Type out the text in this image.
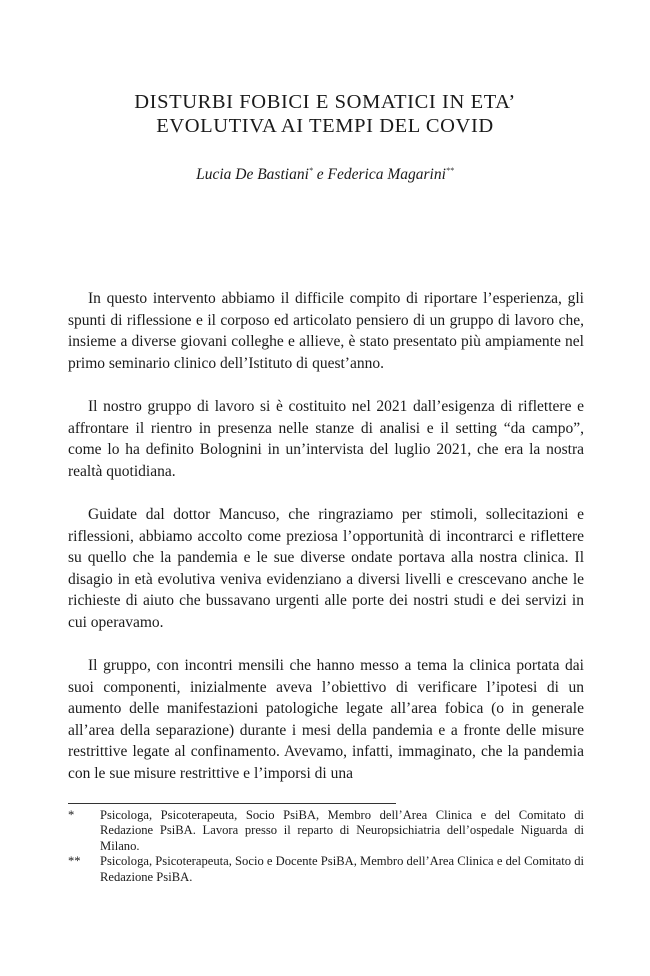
DISTURBI FOBICI E SOMATICI IN ETA’
EVOLUTIVA AI TEMPI DEL COVID

Lucia De Bastiani* e Federica Magarini**

In questo intervento abbiamo il difficile compito di riportare l’esperienza, gli spunti di riflessione e il corposo ed articolato pensiero di un gruppo di lavoro che, insieme a diverse giovani colleghe e allieve, è stato presentato più ampiamente nel primo seminario clinico dell’Istituto di quest’anno.

Il nostro gruppo di lavoro si è costituito nel 2021 dall’esigenza di riflettere e affrontare il rientro in presenza nelle stanze di analisi e il setting “da campo”, come lo ha definito Bolognini in un’intervista del luglio 2021, che era la nostra realtà quotidiana.

Guidate dal dottor Mancuso, che ringraziamo per stimoli, sollecitazioni e riflessioni, abbiamo accolto come preziosa l’opportunità di incontrarci e riflettere su quello che la pandemia e le sue diverse ondate portava alla nostra clinica. Il disagio in età evolutiva veniva evidenziano a diversi livelli e crescevano anche le richieste di aiuto che bussavano urgenti alle porte dei nostri studi e dei servizi in cui operavamo.

Il gruppo, con incontri mensili che hanno messo a tema la clinica portata dai suoi componenti, inizialmente aveva l’obiettivo di verificare l’ipotesi di un aumento delle manifestazioni patologiche legate all’area fobica (o in generale all’area della separazione) durante i mesi della pandemia e a fronte delle misure restrittive legate al confinamento. Avevamo, infatti, immaginato, che la pandemia con le sue misure restrittive e l’imporsi di una

*	Psicologa, Psicoterapeuta, Socio PsiBA, Membro dell’Area Clinica e del Comitato di Redazione PsiBA. Lavora presso il reparto di Neuropsichiatria dell’ospedale Niguarda di Milano.
**	Psicologa, Psicoterapeuta, Socio e Docente PsiBA, Membro dell’Area Clinica e del Comitato di Redazione PsiBA.
